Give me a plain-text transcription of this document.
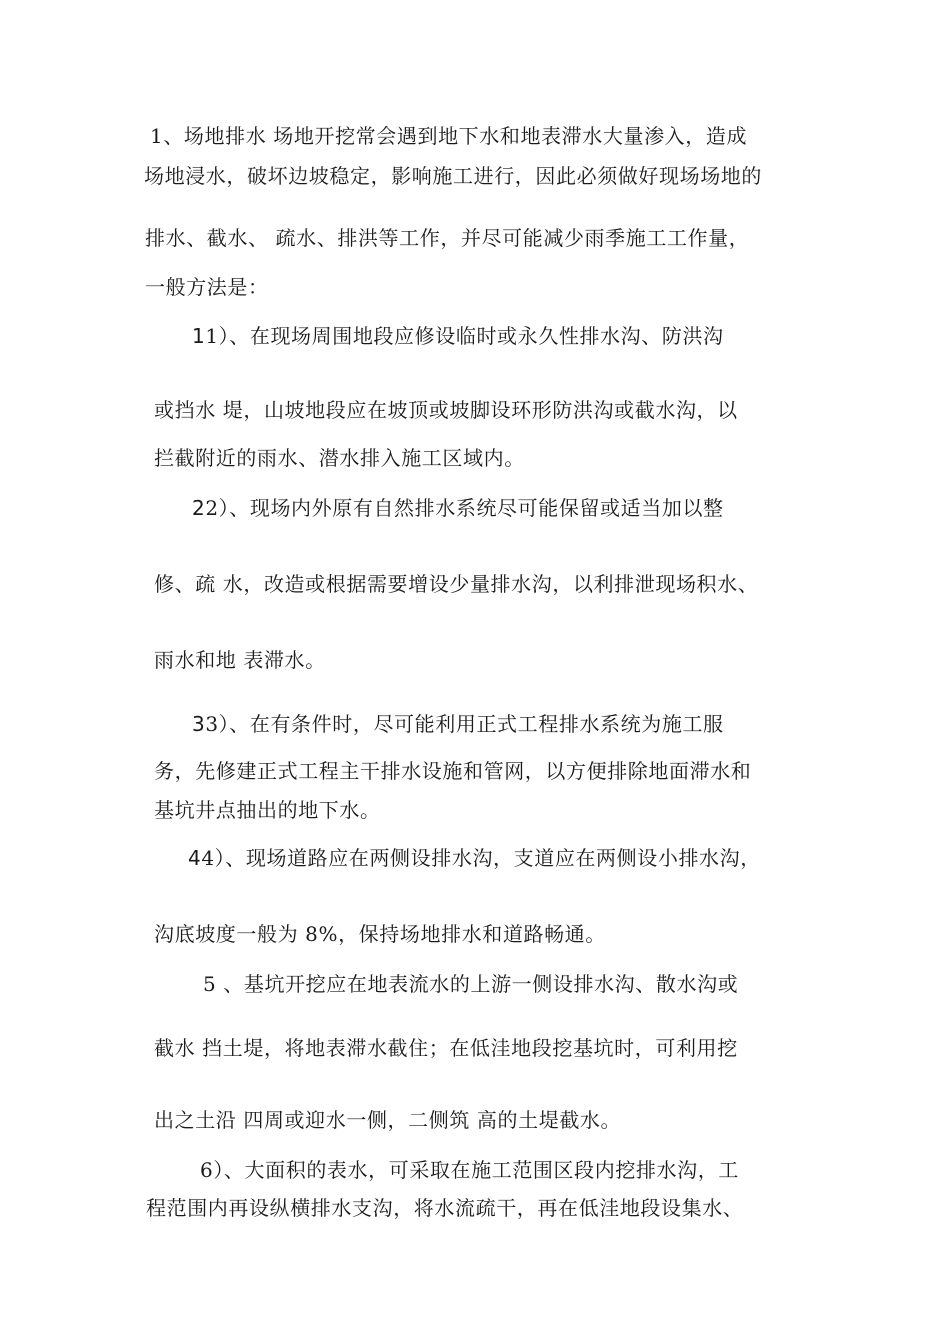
1、场地排水 场地开挖常会遇到地下水和地表滞水大量渗入，造成
场地浸水，破坏边坡稳定，影响施工进行，因此必须做好现场场地的
排水、截水、 疏水、排洪等工作，并尽可能减少雨季施工工作量，
一般方法是：
11）、在现场周围地段应修设临时或永久性排水沟、防洪沟
或挡水 堤，山坡地段应在坡顶或坡脚设环形防洪沟或截水沟，以
拦截附近的雨水、潜水排入施工区域内。
22）、现场内外原有自然排水系统尽可能保留或适当加以整
修、疏 水，改造或根据需要增设少量排水沟，以利排泄现场积水、
雨水和地 表滞水。
33）、在有条件时，尽可能利用正式工程排水系统为施工服
务，先修建正式工程主干排水设施和管网，以方便排除地面滞水和
基坑井点抽出的地下水。
44）、现场道路应在两侧设排水沟，支道应在两侧设小排水沟，
沟底坡度一般为 8%，保持场地排水和道路畅通。
5 、基坑开挖应在地表流水的上游一侧设排水沟、散水沟或
截水 挡土堤，将地表滞水截住；在低洼地段挖基坑时，可利用挖
出之土沿 四周或迎水一侧，二侧筑 高的土堤截水。
6）、大面积的表水，可采取在施工范围区段内挖排水沟，工
程范围内再设纵横排水支沟，将水流疏干，再在低洼地段设集水、
